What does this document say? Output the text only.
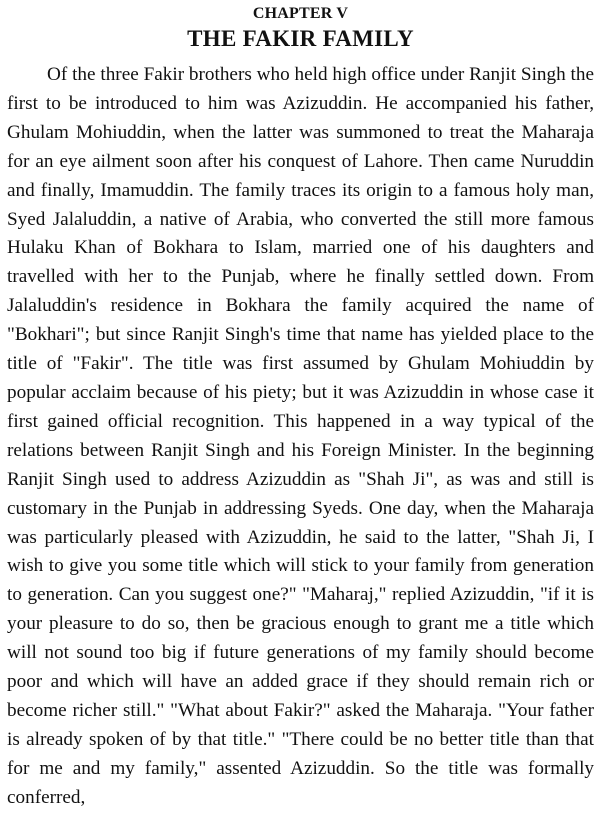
CHAPTER V
THE FAKIR FAMILY

Of the three Fakir brothers who held high office under Ranjit Singh the first to be introduced to him was Azizuddin. He accompanied his father, Ghulam Mohiuddin, when the latter was summoned to treat the Maharaja for an eye ailment soon after his conquest of Lahore. Then came Nuruddin and finally, Imamuddin. The family traces its origin to a famous holy man, Syed Jalaluddin, a native of Arabia, who converted the still more famous Hulaku Khan of Bokhara to Islam, married one of his daughters and travelled with her to the Punjab, where he finally settled down. From Jalaluddin's residence in Bokhara the family acquired the name of "Bokhari"; but since Ranjit Singh's time that name has yielded place to the title of "Fakir". The title was first assumed by Ghulam Mohiuddin by popular acclaim because of his piety; but it was Azizuddin in whose case it first gained official recognition. This happened in a way typical of the relations between Ranjit Singh and his Foreign Minister. In the beginning Ranjit Singh used to address Azizuddin as "Shah Ji", as was and still is customary in the Punjab in addressing Syeds. One day, when the Maharaja was particularly pleased with Azizuddin, he said to the latter, "Shah Ji, I wish to give you some title which will stick to your family from generation to generation. Can you suggest one?" "Maharaj," replied Azizuddin, "if it is your pleasure to do so, then be gracious enough to grant me a title which will not sound too big if future generations of my family should become poor and which will have an added grace if they should remain rich or become richer still." "What about Fakir?" asked the Maharaja. "Your father is already spoken of by that title." "There could be no better title than that for me and my family," assented Azizuddin. So the title was formally conferred,
